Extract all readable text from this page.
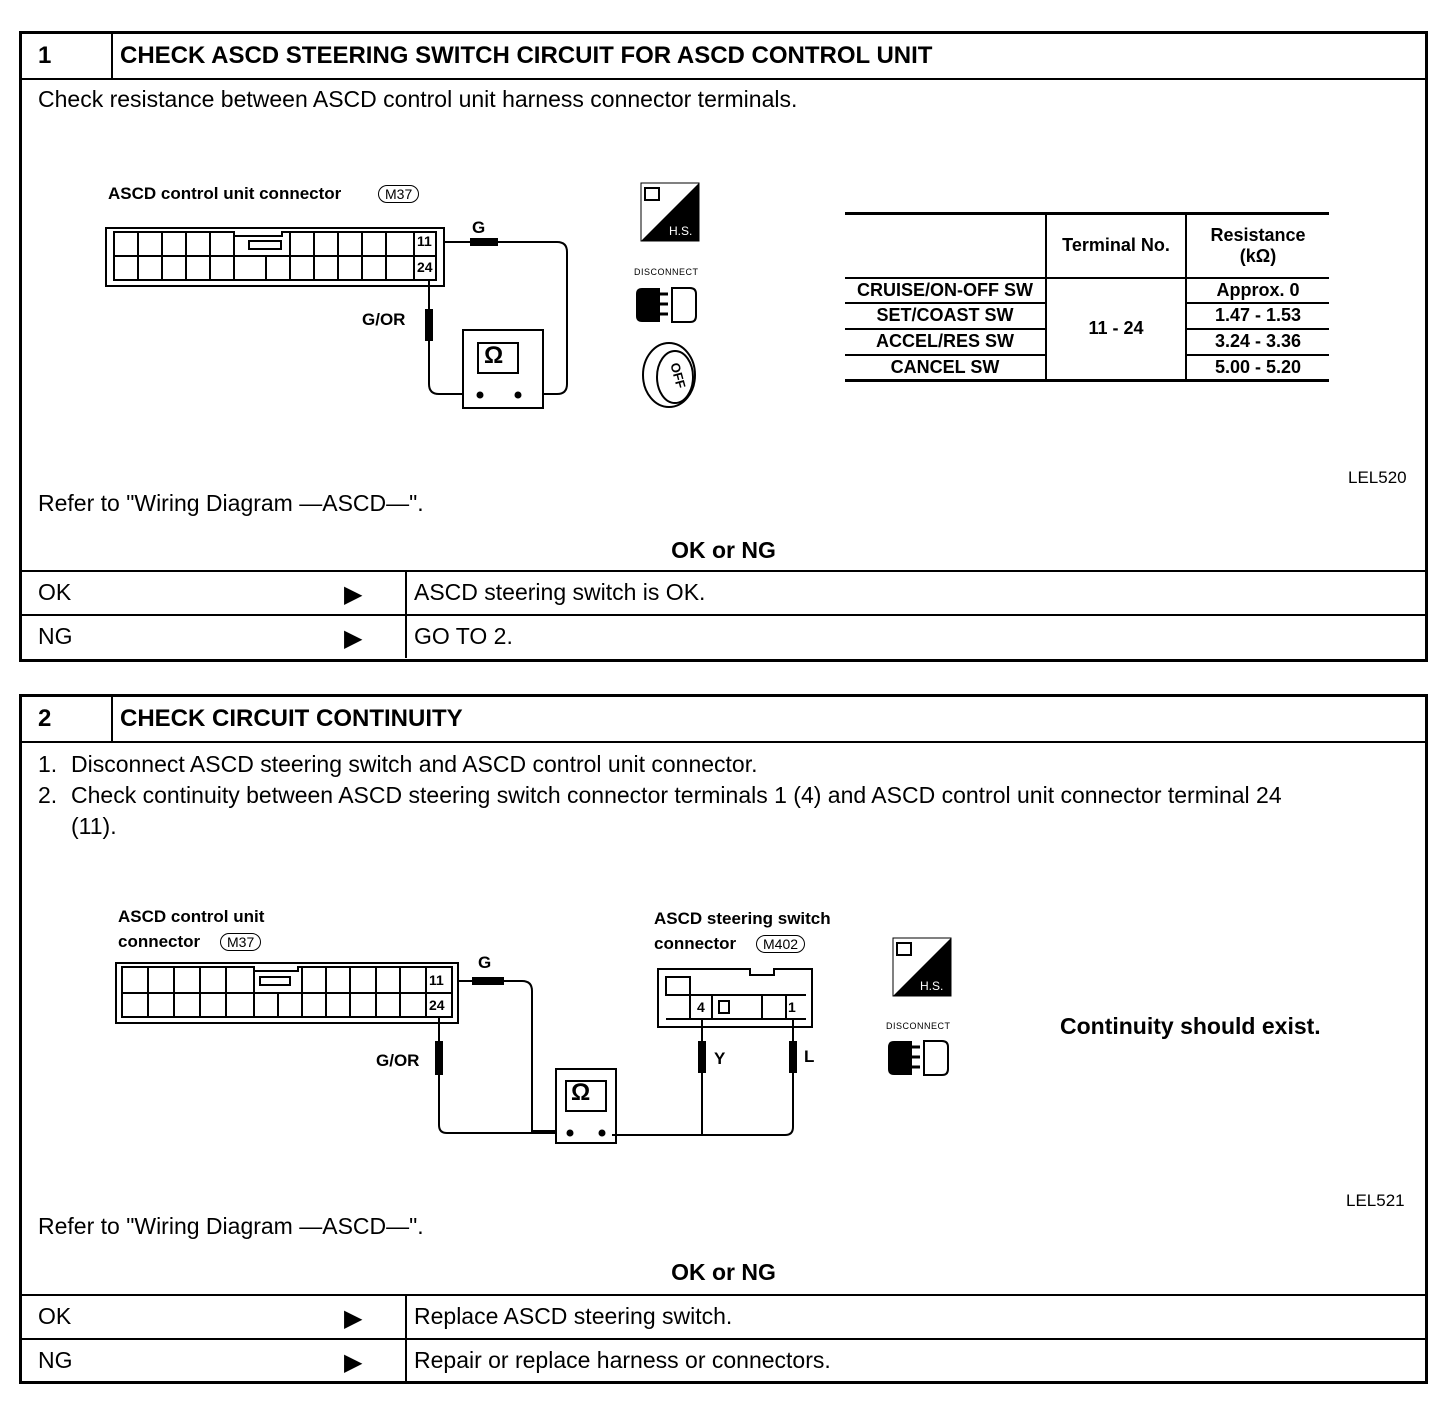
1	CHECK ASCD STEERING SWITCH CIRCUIT FOR ASCD CONTROL UNIT
Check resistance between ASCD control unit harness connector terminals.
ASCD control unit connector	M37
G
G/OR
11
24
Ω
H.S.
DISCONNECT
OFF
	Terminal No.	Resistance
(kΩ)

CRUISE/ON-OFF SW	11 - 24	Approx. 0
SET/COAST SW		1.47 - 1.53
ACCEL/RES SW		3.24 - 3.36
CANCEL SW		5.00 - 5.20
LEL520
Refer to "Wiring Diagram —ASCD—".
OK or NG
OK	▶ ASCD steering switch is OK.
NG	▶ GO TO 2.
2	CHECK CIRCUIT CONTINUITY
1. Disconnect ASCD steering switch and ASCD control unit connector.
2. Check continuity between ASCD steering switch connector terminals 1 (4) and ASCD control unit connector terminal 24
(11).
ASCD control unit
connector	M37
ASCD steering switch
connector	M402
G
G/OR
11
24
Ω
4	1
Y	L
H.S.
DISCONNECT	Continuity should exist.
LEL521
Refer to "Wiring Diagram —ASCD—".
OK or NG
OK	▶ Replace ASCD steering switch.
NG	▶ Repair or replace harness or connectors.
